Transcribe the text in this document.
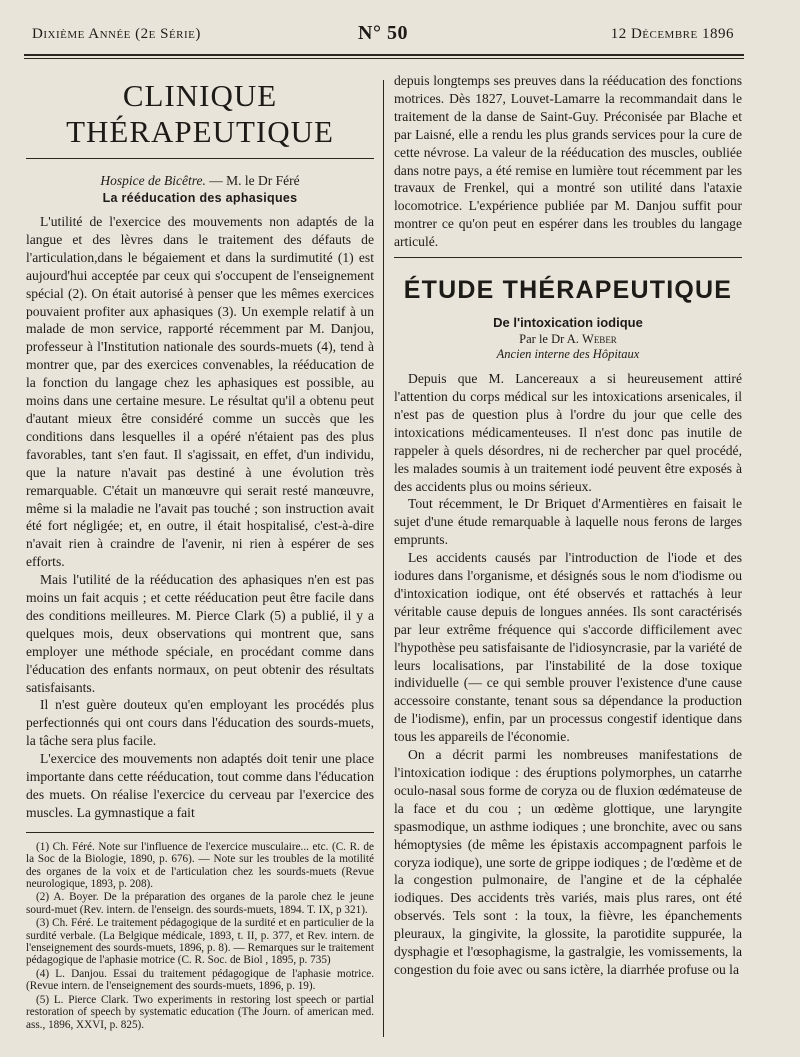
Dixième Année (2e Série)	N° 50	12 Décembre 1896
CLINIQUE THÉRAPEUTIQUE
Hospice de Bicêtre. — M. le Dr Féré
La rééducation des aphasiques

L'utilité de l'exercice des mouvements non adaptés de la langue et des lèvres dans le traitement des défauts de l'articulation,dans le bégaiement et dans la surdimutité (1) est aujourd'hui acceptée par ceux qui s'occupent de l'enseignement spécial (2). On était autorisé à penser que les mêmes exercices pouvaient profiter aux aphasiques (3). Un exemple relatif à un malade de mon service, rapporté récemment par M. Danjou, professeur à l'Institution nationale des sourds-muets (4), tend à montrer que, par des exercices convenables, la rééducation de la fonction du langage chez les aphasiques est possible, au moins dans une certaine mesure. Le résultat qu'il a obtenu peut d'autant mieux être considéré comme un succès que les conditions dans lesquelles il a opéré n'étaient pas des plus favorables, tant s'en faut. Il s'agissait, en effet, d'un individu, que la nature n'avait pas destiné à une évolution très remarquable. C'était un manœuvre qui serait resté manœuvre, même si la maladie ne l'avait pas touché ; son instruction avait été fort négligée; et, en outre, il était hospitalisé, c'est-à-dire n'avait rien à craindre de l'avenir, ni rien à espérer de ses efforts.

Mais l'utilité de la rééducation des aphasiques n'en est pas moins un fait acquis ; et cette rééducation peut être facile dans des conditions meilleures. M. Pierce Clark (5) a publié, il y a quelques mois, deux observations qui montrent que, sans employer une méthode spéciale, en procédant comme dans l'éducation des enfants normaux, on peut obtenir des résultats satisfaisants.

Il n'est guère douteux qu'en employant les procédés plus perfectionnés qui ont cours dans l'éducation des sourds-muets, la tâche sera plus facile.

L'exercice des mouvements non adaptés doit tenir une place importante dans cette rééducation, tout comme dans l'éducation des muets. On réalise l'exercice du cerveau par l'exercice des muscles. La gymnastique a fait

(1) Ch. Féré. Note sur l'influence de l'exercice musculaire... etc. (C. R. de la Soc de la Biologie, 1890, p. 676). — Note sur les troubles de la motilité des organes de la voix et de l'articulation chez les sourds-muets (Revue neurologique, 1893, p. 208).

(2) A. Boyer. De la préparation des organes de la parole chez le jeune sourd-muet (Rev. intern. de l'enseign. des sourds-muets, 1894. T. IX, p 321).

(3) Ch. Féré. Le traitement pédagogique de la surdité et en particulier de la surdité verbale. (La Belgique médicale, 1893, t. II, p. 377, et Rev. intern. de l'enseignement des sourds-muets, 1896, p. 8). — Remarques sur le traitement pédagogique de l'aphasie motrice (C. R. Soc. de Biol , 1895, p. 735)

(4) L. Danjou. Essai du traitement pédagogique de l'aphasie motrice. (Revue intern. de l'enseignement des sourds-muets, 1896, p. 19).

(5) L. Pierce Clark. Two experiments in restoring lost speech or partial restoration of speech by systematic education (The Journ. of american med. ass., 1896, XXVI, p. 825).

depuis longtemps ses preuves dans la rééducation des fonctions motrices. Dès 1827, Louvet-Lamarre la recommandait dans le traitement de la danse de Saint-Guy. Préconisée par Blache et par Laisné, elle a rendu les plus grands services pour la cure de cette névrose. La valeur de la rééducation des muscles, oubliée dans notre pays, a été remise en lumière tout récemment par les travaux de Frenkel, qui a montré son utilité dans l'ataxie locomotrice. L'expérience publiée par M. Danjou suffit pour montrer ce qu'on peut en espérer dans les troubles du langage articulé.

ÉTUDE THÉRAPEUTIQUE
De l'intoxication iodique
Par le Dr A. Weber
Ancien interne des Hôpitaux

Depuis que M. Lancereaux a si heureusement attiré l'attention du corps médical sur les intoxications arsenicales, il n'est pas de question plus à l'ordre du jour que celle des intoxications médicamenteuses. Il n'est donc pas inutile de rappeler à quels désordres, ni de rechercher par quel procédé, les malades soumis à un traitement iodé peuvent être exposés à des accidents plus ou moins sérieux.

Tout récemment, le Dr Briquet d'Armentières en faisait le sujet d'une étude remarquable à laquelle nous ferons de larges emprunts.

Les accidents causés par l'introduction de l'iode et des iodures dans l'organisme, et désignés sous le nom d'iodisme ou d'intoxication iodique, ont été observés et rattachés à leur véritable cause depuis de longues années. Ils sont caractérisés par leur extrême fréquence qui s'accorde difficilement avec l'hypothèse peu satisfaisante de l'idiosyncrasie, par la variété de leurs localisations, par l'instabilité de la dose toxique individuelle (— ce qui semble prouver l'existence d'une cause accessoire constante, tenant sous sa dépendance la production de l'iodisme), enfin, par un processus congestif identique dans tous les appareils de l'économie.

On a décrit parmi les nombreuses manifestations de l'intoxication iodique : des éruptions polymorphes, un catarrhe oculo-nasal sous forme de coryza ou de fluxion œdémateuse de la face et du cou ; un œdème glottique, une laryngite spasmodique, un asthme iodiques ; une bronchite, avec ou sans hémoptysies (de même les épistaxis accompagnent parfois le coryza iodique), une sorte de grippe iodiques ; de l'œdème et de la congestion pulmonaire, de l'angine et de la céphalée iodiques. Des accidents très variés, mais plus rares, ont été observés. Tels sont : la toux, la fièvre, les épanchements pleuraux, la gingivite, la glossite, la parotidite suppurée, la dysphagie et l'œsophagisme, la gastralgie, les vomissements, la congestion du foie avec ou sans ictère, la diarrhée profuse ou la
